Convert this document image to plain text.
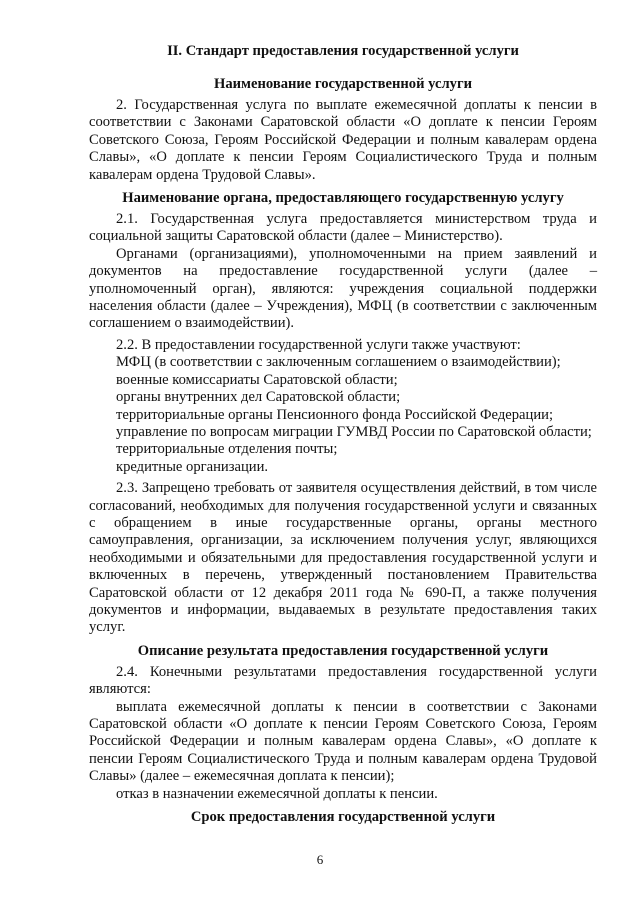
II. Стандарт предоставления государственной услуги
Наименование государственной услуги

2. Государственная услуга по выплате ежемесячной доплаты к пенсии в соответствии с Законами Саратовской области «О доплате к пенсии Героям Советского Союза, Героям Российской Федерации и полным кавалерам ордена Славы», «О доплате к пенсии Героям Социалистического Труда и полным кавалерам ордена Трудовой Славы».

Наименование органа, предоставляющего государственную услугу

2.1. Государственная услуга предоставляется министерством труда и социальной защиты Саратовской области (далее – Министерство).

Органами (организациями), уполномоченными на прием заявлений и документов на предоставление государственной услуги (далее – уполномоченный орган), являются: учреждения социальной поддержки населения области (далее – Учреждения), МФЦ (в соответствии с заключенным соглашением о взаимодействии).

2.2. В предоставлении государственной услуги также участвуют:

МФЦ (в соответствии с заключенным соглашением о взаимодействии);

военные комиссариаты Саратовской области;

органы внутренних дел Саратовской области;

территориальные органы Пенсионного фонда Российской Федерации;

управление по вопросам миграции ГУМВД России по Саратовской области;

территориальные отделения почты;

кредитные организации.

2.3. Запрещено требовать от заявителя осуществления действий, в том числе согласований, необходимых для получения государственной услуги и связанных с обращением в иные государственные органы, органы местного самоуправления, организации, за исключением получения услуг, являющихся необходимыми и обязательными для предоставления государственной услуги и включенных в перечень, утвержденный постановлением Правительства Саратовской области от 12 декабря 2011 года № 690-П, а также получения документов и информации, выдаваемых в результате предоставления таких услуг.

Описание результата предоставления государственной услуги

2.4. Конечными результатами предоставления государственной услуги являются:

выплата ежемесячной доплаты к пенсии в соответствии с Законами Саратовской области «О доплате к пенсии Героям Советского Союза, Героям Российской Федерации и полным кавалерам ордена Славы», «О доплате к пенсии Героям Социалистического Труда и полным кавалерам ордена Трудовой Славы» (далее – ежемесячная доплата к пенсии);

отказ в назначении ежемесячной доплаты к пенсии.

Срок предоставления государственной услуги
6
